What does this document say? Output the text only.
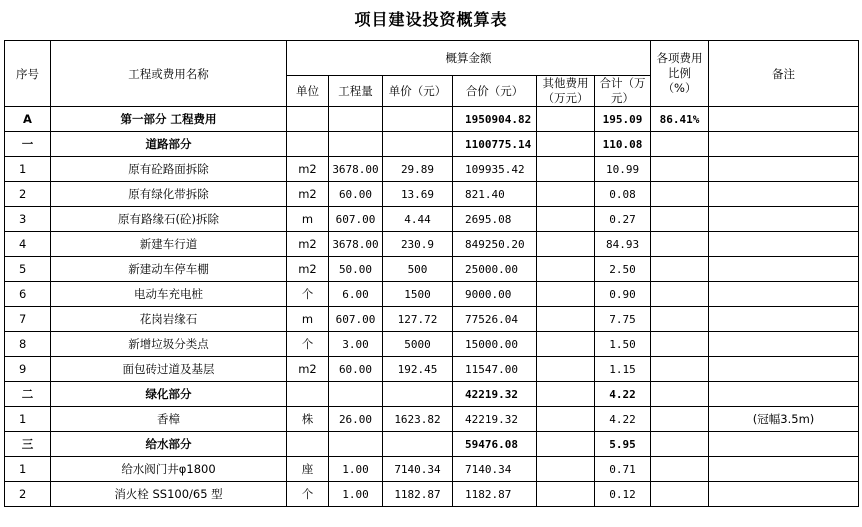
项目建设投资概算表
序号	工程或费用名称	概算金额						各项费用比例（%）	备注
		单位	工程量	单价（元）	合价（元）	其他费用（万元）	合计（万元）		
A	第一部分 工程费用				1950904.82		195.09	86.41%	
一	道路部分				1100775.14		110.08		
1	原有砼路面拆除	m2	3678.00	29.89	109935.42		10.99		
2	原有绿化带拆除	m2	60.00	13.69	821.40		0.08		
3	原有路缘石(砼)拆除	m	607.00	4.44	2695.08		0.27		
4	新建车行道	m2	3678.00	230.9	849250.20		84.93		
5	新建动车停车棚	m2	50.00	500	25000.00		2.50		
6	电动车充电桩	个	6.00	1500	9000.00		0.90		
7	花岗岩缘石	m	607.00	127.72	77526.04		7.75		
8	新增垃圾分类点	个	3.00	5000	15000.00		1.50		
9	面包砖过道及基层	m2	60.00	192.45	11547.00		1.15		
二	绿化部分				42219.32		4.22		
1	香樟	株	26.00	1623.82	42219.32		4.22		(冠幅3.5m)
三	给水部分				59476.08		5.95		
1	给水阀门井φ1800	座	1.00	7140.34	7140.34		0.71		
2	消火栓 SS100/65 型	个	1.00	1182.87	1182.87		0.12		
